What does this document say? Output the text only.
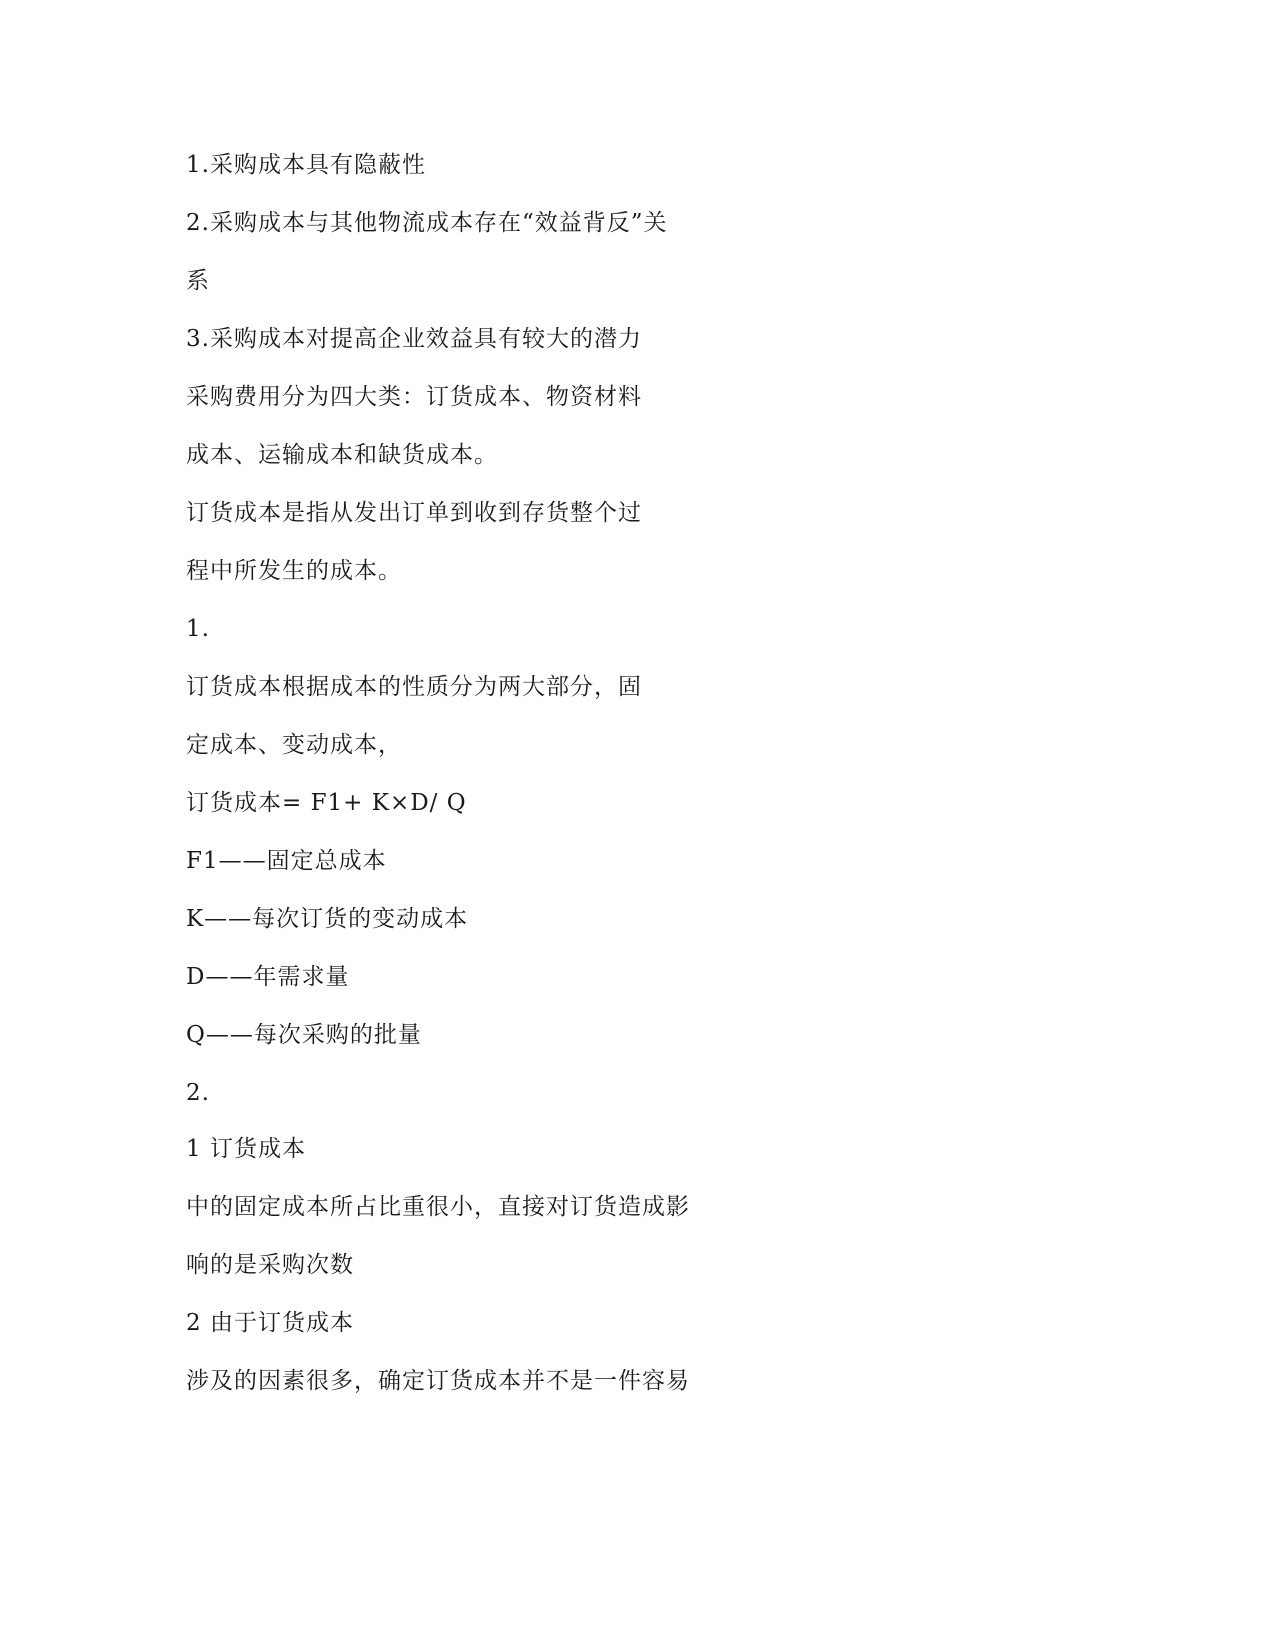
1.采购成本具有隐蔽性

2.采购成本与其他物流成本存在“效益背反”关

系

3.采购成本对提高企业效益具有较大的潜力

采购费用分为四大类：订货成本、物资材料

成本、运输成本和缺货成本。

订货成本是指从发出订单到收到存货整个过

程中所发生的成本。

1.

订货成本根据成本的性质分为两大部分，固

定成本、变动成本，

订货成本= F1+ K×D/ Q

F1——固定总成本

K——每次订货的变动成本

D——年需求量

Q——每次采购的批量

2.

1 订货成本

中的固定成本所占比重很小，直接对订货造成影

响的是采购次数

2 由于订货成本

涉及的因素很多，确定订货成本并不是一件容易
